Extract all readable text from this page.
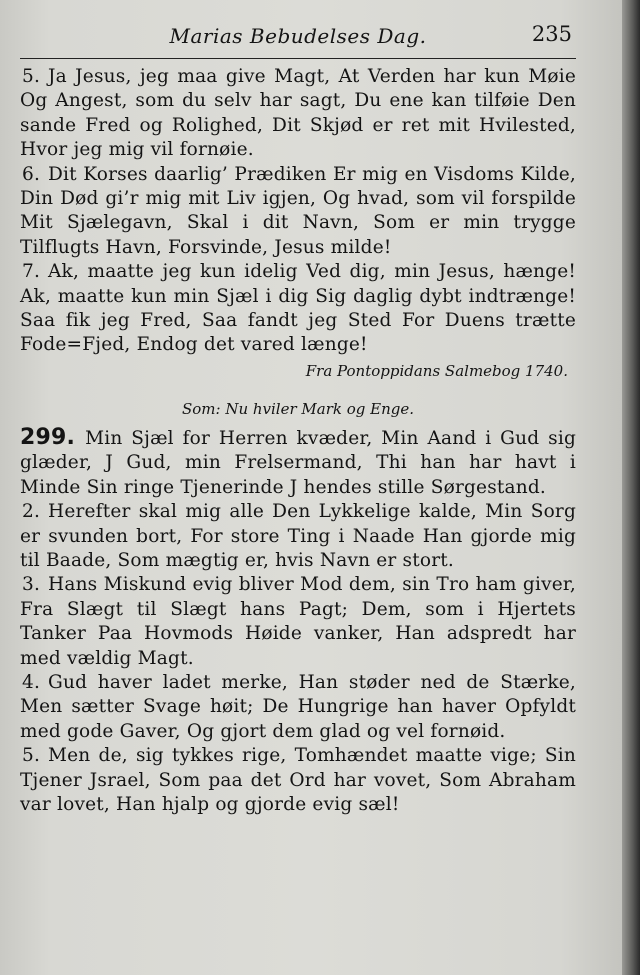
Marias Bebudelses Dag.	235
5. Ja Jesus, jeg maa give Magt, At Verden har kun Møie Og Angest, som du selv har sagt, Du ene kan tilføie Den sande Fred og Rolighed, Dit Skjød er ret mit Hvilested, Hvor jeg mig vil fornøie.
6. Dit Korses daarlig’ Prædiken Er mig en Visdoms Kilde, Din Død gi’r mig mit Liv igjen, Og hvad, som vil forspilde Mit Sjælegavn, Skal i dit Navn, Som er min trygge Tilflugts Havn, Forsvinde, Jesus milde!
7. Ak, maatte jeg kun idelig Ved dig, min Jesus, hænge! Ak, maatte kun min Sjæl i dig Sig daglig dybt indtrænge! Saa fik jeg Fred, Saa fandt jeg Sted For Duens trætte Fode=Fjed, Endog det vared længe!
Fra Pontoppidans Salmebog 1740.
Som: Nu hviler Mark og Enge.
299. Min Sjæl for Herren kvæder, Min Aand i Gud sig glæder, J Gud, min Frelsermand, Thi han har havt i Minde Sin ringe Tjenerinde J hendes stille Sørgestand.
2. Herefter skal mig alle Den Lykkelige kalde, Min Sorg er svunden bort, For store Ting i Naade Han gjorde mig til Baade, Som mægtig er, hvis Navn er stort.
3. Hans Miskund evig bliver Mod dem, sin Tro ham giver, Fra Slægt til Slægt hans Pagt; Dem, som i Hjertets Tanker Paa Hovmods Høide vanker, Han adspredt har med vældig Magt.
4. Gud haver ladet merke, Han støder ned de Stærke, Men sætter Svage høit; De Hungrige han haver Opfyldt med gode Gaver, Og gjort dem glad og vel fornøid.
5. Men de, sig tykkes rige, Tomhændet maatte vige; Sin Tjener Jsrael, Som paa det Ord har vovet, Som Abraham var lovet, Han hjalp og gjorde evig sæl!
